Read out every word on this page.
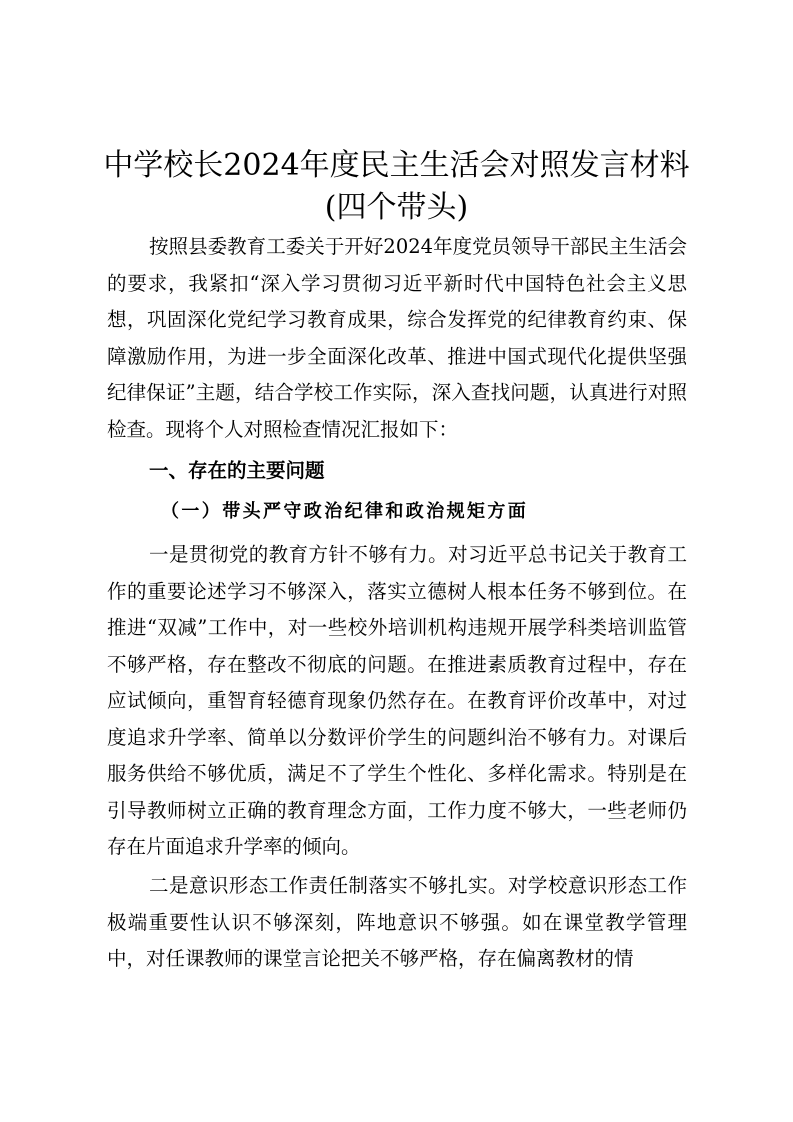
中学校长2024年度民主生活会对照发言材料
(四个带头)

按照县委教育工委关于开好2024年度党员领导干部民主生活会的要求，我紧扣“深入学习贯彻习近平新时代中国特色社会主义思想，巩固深化党纪学习教育成果，综合发挥党的纪律教育约束、保障激励作用，为进一步全面深化改革、推进中国式现代化提供坚强纪律保证”主题，结合学校工作实际，深入查找问题，认真进行对照检查。现将个人对照检查情况汇报如下：

一、存在的主要问题
（一）带头严守政治纪律和政治规矩方面

一是贯彻党的教育方针不够有力。对习近平总书记关于教育工作的重要论述学习不够深入，落实立德树人根本任务不够到位。在推进“双减”工作中，对一些校外培训机构违规开展学科类培训监管不够严格，存在整改不彻底的问题。在推进素质教育过程中，存在应试倾向，重智育轻德育现象仍然存在。在教育评价改革中，对过度追求升学率、简单以分数评价学生的问题纠治不够有力。对课后服务供给不够优质，满足不了学生个性化、多样化需求。特别是在引导教师树立正确的教育理念方面，工作力度不够大，一些老师仍存在片面追求升学率的倾向。

二是意识形态工作责任制落实不够扎实。对学校意识形态工作极端重要性认识不够深刻，阵地意识不够强。如在课堂教学管理中，对任课教师的课堂言论把关不够严格，存在偏离教材的情
